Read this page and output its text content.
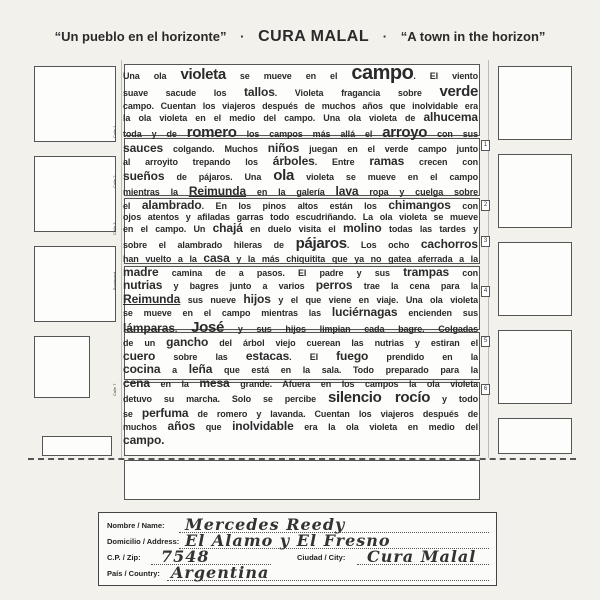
“Un pueblo en el horizonte” · CURA MALAL · “A town in the horizon”
Calle 1
Calle 2
Calle 3
Boulevard
Calle 7
1
2
3
4
5
6
Una ola violeta se mueve en el campo. El viento
suave sacude los tallos. Violeta fragancia sobre verde
campo. Cuentan los viajeros después de muchos años que inolvidable era
la ola violeta en el medio del campo. Una ola violeta de alhucema
toda y de romero los campos más allá el arroyo con sus
sauces colgando. Muchos niños juegan en el verde campo junto
al arroyito trepando los árboles. Entre ramas crecen con
sueños de pájaros. Una ola violeta se mueve en el campo
mientras la Reimunda en la galería lava ropa y cuelga sobre
el alambrado. En los pinos altos están los chimangos con
ojos atentos y afiladas garras todo escudriñando. La ola violeta se mueve
en el campo. Un chajá en duelo visita el molino todas las tardes y
sobre el alambrado hileras de pájaros. Los ocho cachorros
han vuelto a la casa y la más chiquitita que ya no gatea aferrada a la
madre camina de a pasos. El padre y sus trampas con
nutrias y bagres junto a varios perros trae la cena para la
Reimunda sus nueve hijos y el que viene en viaje. Una ola violeta
se mueve en el campo mientras las luciérnagas encienden sus
lámparas. José y sus hijos limpian cada bagre. Colgadas
de un gancho del árbol viejo cuerean las nutrias y estiran el
cuero sobre las estacas. El fuego prendido en la
cocina a leña que está en la sala. Todo preparado para la
cena en la mesa grande. Afuera en los campos la ola violeta
detuvo su marcha. Solo se percibe silencio rocío y todo
se perfuma de romero y lavanda. Cuentan los viajeros después de
muchos años que inolvidable era la ola violeta en medio del
campo.
Nombre / Name: Mercedes Reedy
Domicilio / Address: El Alamo y El Fresno
C.P. / Zip: 7548	Ciudad / City: Cura Malal
País / Country: Argentina
